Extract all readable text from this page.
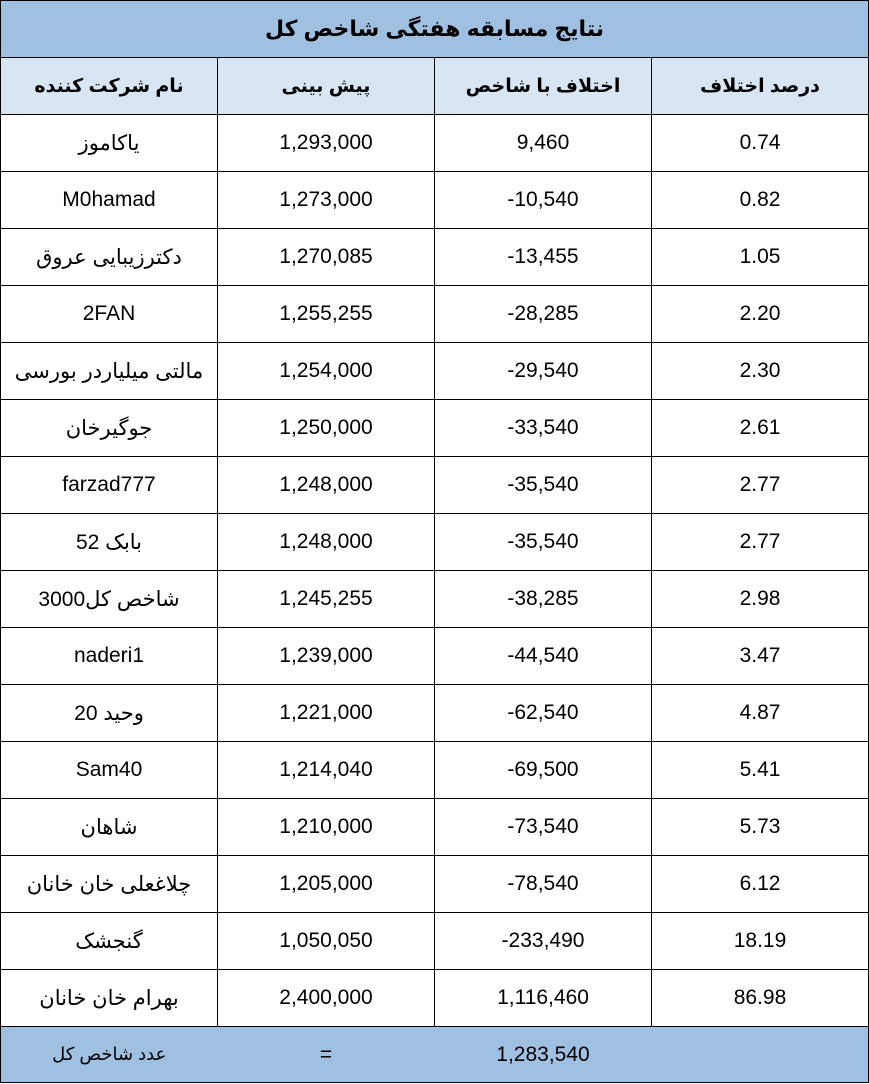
نتایج مسابقه هفتگی شاخص کل			
نام شرکت کننده	پیش بینی	اختلاف با شاخص	درصد اختلاف
یاکاموز	1,293,000	9,460	0.74
M0hamad	1,273,000	-10,540	0.82
دکترزیبایی عروق	1,270,085	-13,455	1.05
2FAN	1,255,255	-28,285	2.20
مالتی میلیاردر بورسی	1,254,000	-29,540	2.30
جوگیرخان	1,250,000	-33,540	2.61
farzad777	1,248,000	-35,540	2.77
بابک 52	1,248,000	-35,540	2.77
شاخص کل3000	1,245,255	-38,285	2.98
naderi1	1,239,000	-44,540	3.47
وحید 20	1,221,000	-62,540	4.87
Sam40	1,214,040	-69,500	5.41
شاهان	1,210,000	-73,540	5.73
چلاغعلی خان خانان	1,205,000	-78,540	6.12
گنجشک	1,050,050	-233,490	18.19
بهرام خان خانان	2,400,000	1,116,460	86.98
عدد شاخص کل	=	1,283,540	
